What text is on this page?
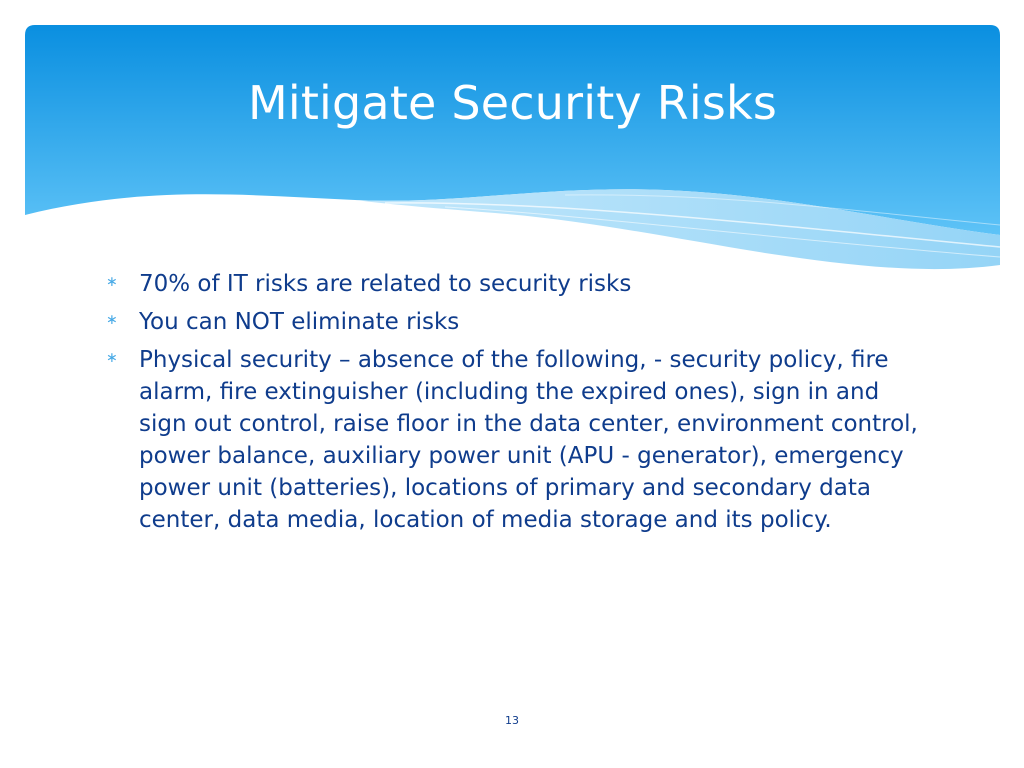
Mitigate Security Risks
∗ 70% of IT risks are related to security risks
∗ You can NOT eliminate risks
∗ Physical security – absence of the following, - security policy, fire alarm, fire extinguisher (including the expired ones), sign in and sign out control, raise floor in the data center, environment control, power balance, auxiliary power unit (APU - generator), emergency power unit (batteries), locations of primary and secondary data center, data media, location of media storage and its policy.
13
